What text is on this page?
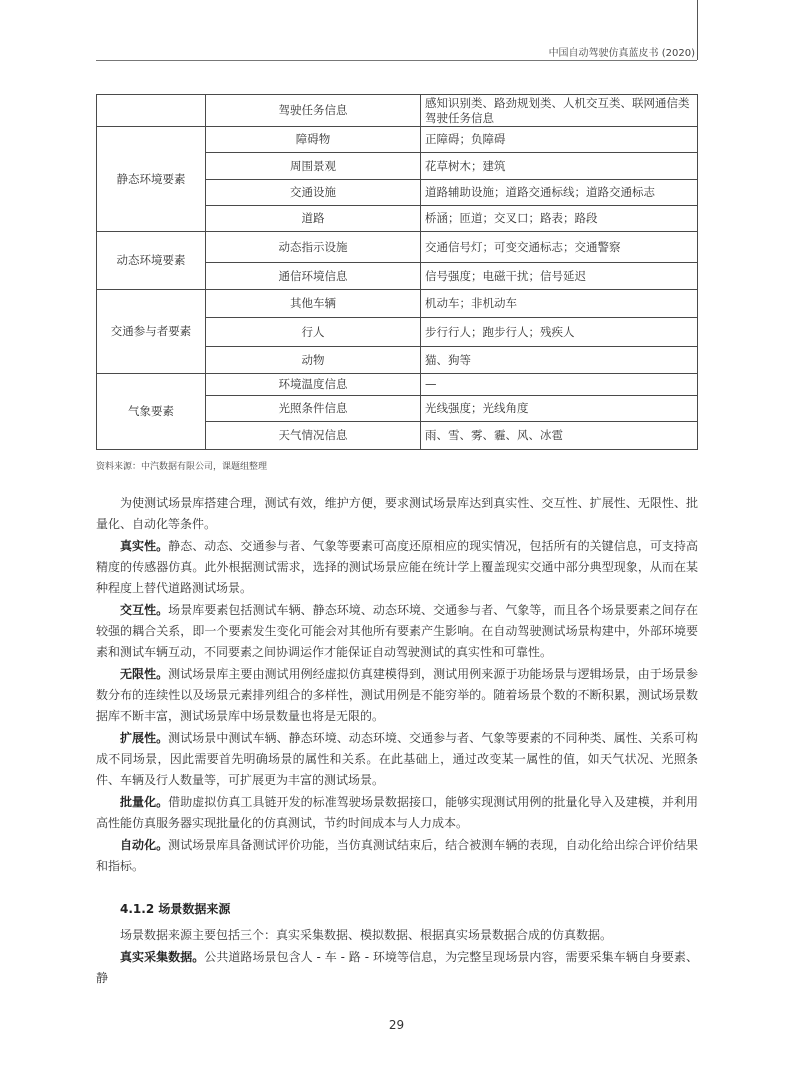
中国自动驾驶仿真蓝皮书 (2020)
	驾驶任务信息	感知识别类、路劲规划类、人机交互类、联网通信类驾驶任务信息
静态环境要素	障碍物	正障碍；负障碍
	周围景观	花草树木；建筑
	交通设施	道路辅助设施；道路交通标线；道路交通标志
	道路	桥涵；匝道；交叉口；路表；路段
动态环境要素	动态指示设施	交通信号灯；可变交通标志；交通警察
	通信环境信息	信号强度；电磁干扰；信号延迟
交通参与者要素	其他车辆	机动车；非机动车
	行人	步行行人；跑步行人；残疾人
	动物	猫、狗等
气象要素	环境温度信息	—
	光照条件信息	光线强度；光线角度
	天气情况信息	雨、雪、雾、霾、风、冰雹
资料来源：中汽数据有限公司，课题组整理

为使测试场景库搭建合理，测试有效，维护方便，要求测试场景库达到真实性、交互性、扩展性、无限性、批量化、自动化等条件。

真实性。静态、动态、交通参与者、气象等要素可高度还原相应的现实情况，包括所有的关键信息，可支持高精度的传感器仿真。此外根据测试需求，选择的测试场景应能在统计学上覆盖现实交通中部分典型现象，从而在某种程度上替代道路测试场景。

交互性。场景库要素包括测试车辆、静态环境、动态环境、交通参与者、气象等，而且各个场景要素之间存在较强的耦合关系，即一个要素发生变化可能会对其他所有要素产生影响。在自动驾驶测试场景构建中，外部环境要素和测试车辆互动，不同要素之间协调运作才能保证自动驾驶测试的真实性和可靠性。

无限性。测试场景库主要由测试用例经虚拟仿真建模得到，测试用例来源于功能场景与逻辑场景，由于场景参数分布的连续性以及场景元素排列组合的多样性，测试用例是不能穷举的。随着场景个数的不断积累，测试场景数据库不断丰富，测试场景库中场景数量也将是无限的。

扩展性。测试场景中测试车辆、静态环境、动态环境、交通参与者、气象等要素的不同种类、属性、关系可构成不同场景，因此需要首先明确场景的属性和关系。在此基础上，通过改变某一属性的值，如天气状况、光照条件、车辆及行人数量等，可扩展更为丰富的测试场景。

批量化。借助虚拟仿真工具链开发的标准驾驶场景数据接口，能够实现测试用例的批量化导入及建模，并利用高性能仿真服务器实现批量化的仿真测试，节约时间成本与人力成本。

自动化。测试场景库具备测试评价功能，当仿真测试结束后，结合被测车辆的表现，自动化给出综合评价结果和指标。

4.1.2 场景数据来源

场景数据来源主要包括三个：真实采集数据、模拟数据、根据真实场景数据合成的仿真数据。

真实采集数据。公共道路场景包含人 - 车 - 路 - 环境等信息，为完整呈现场景内容，需要采集车辆自身要素、静

29
